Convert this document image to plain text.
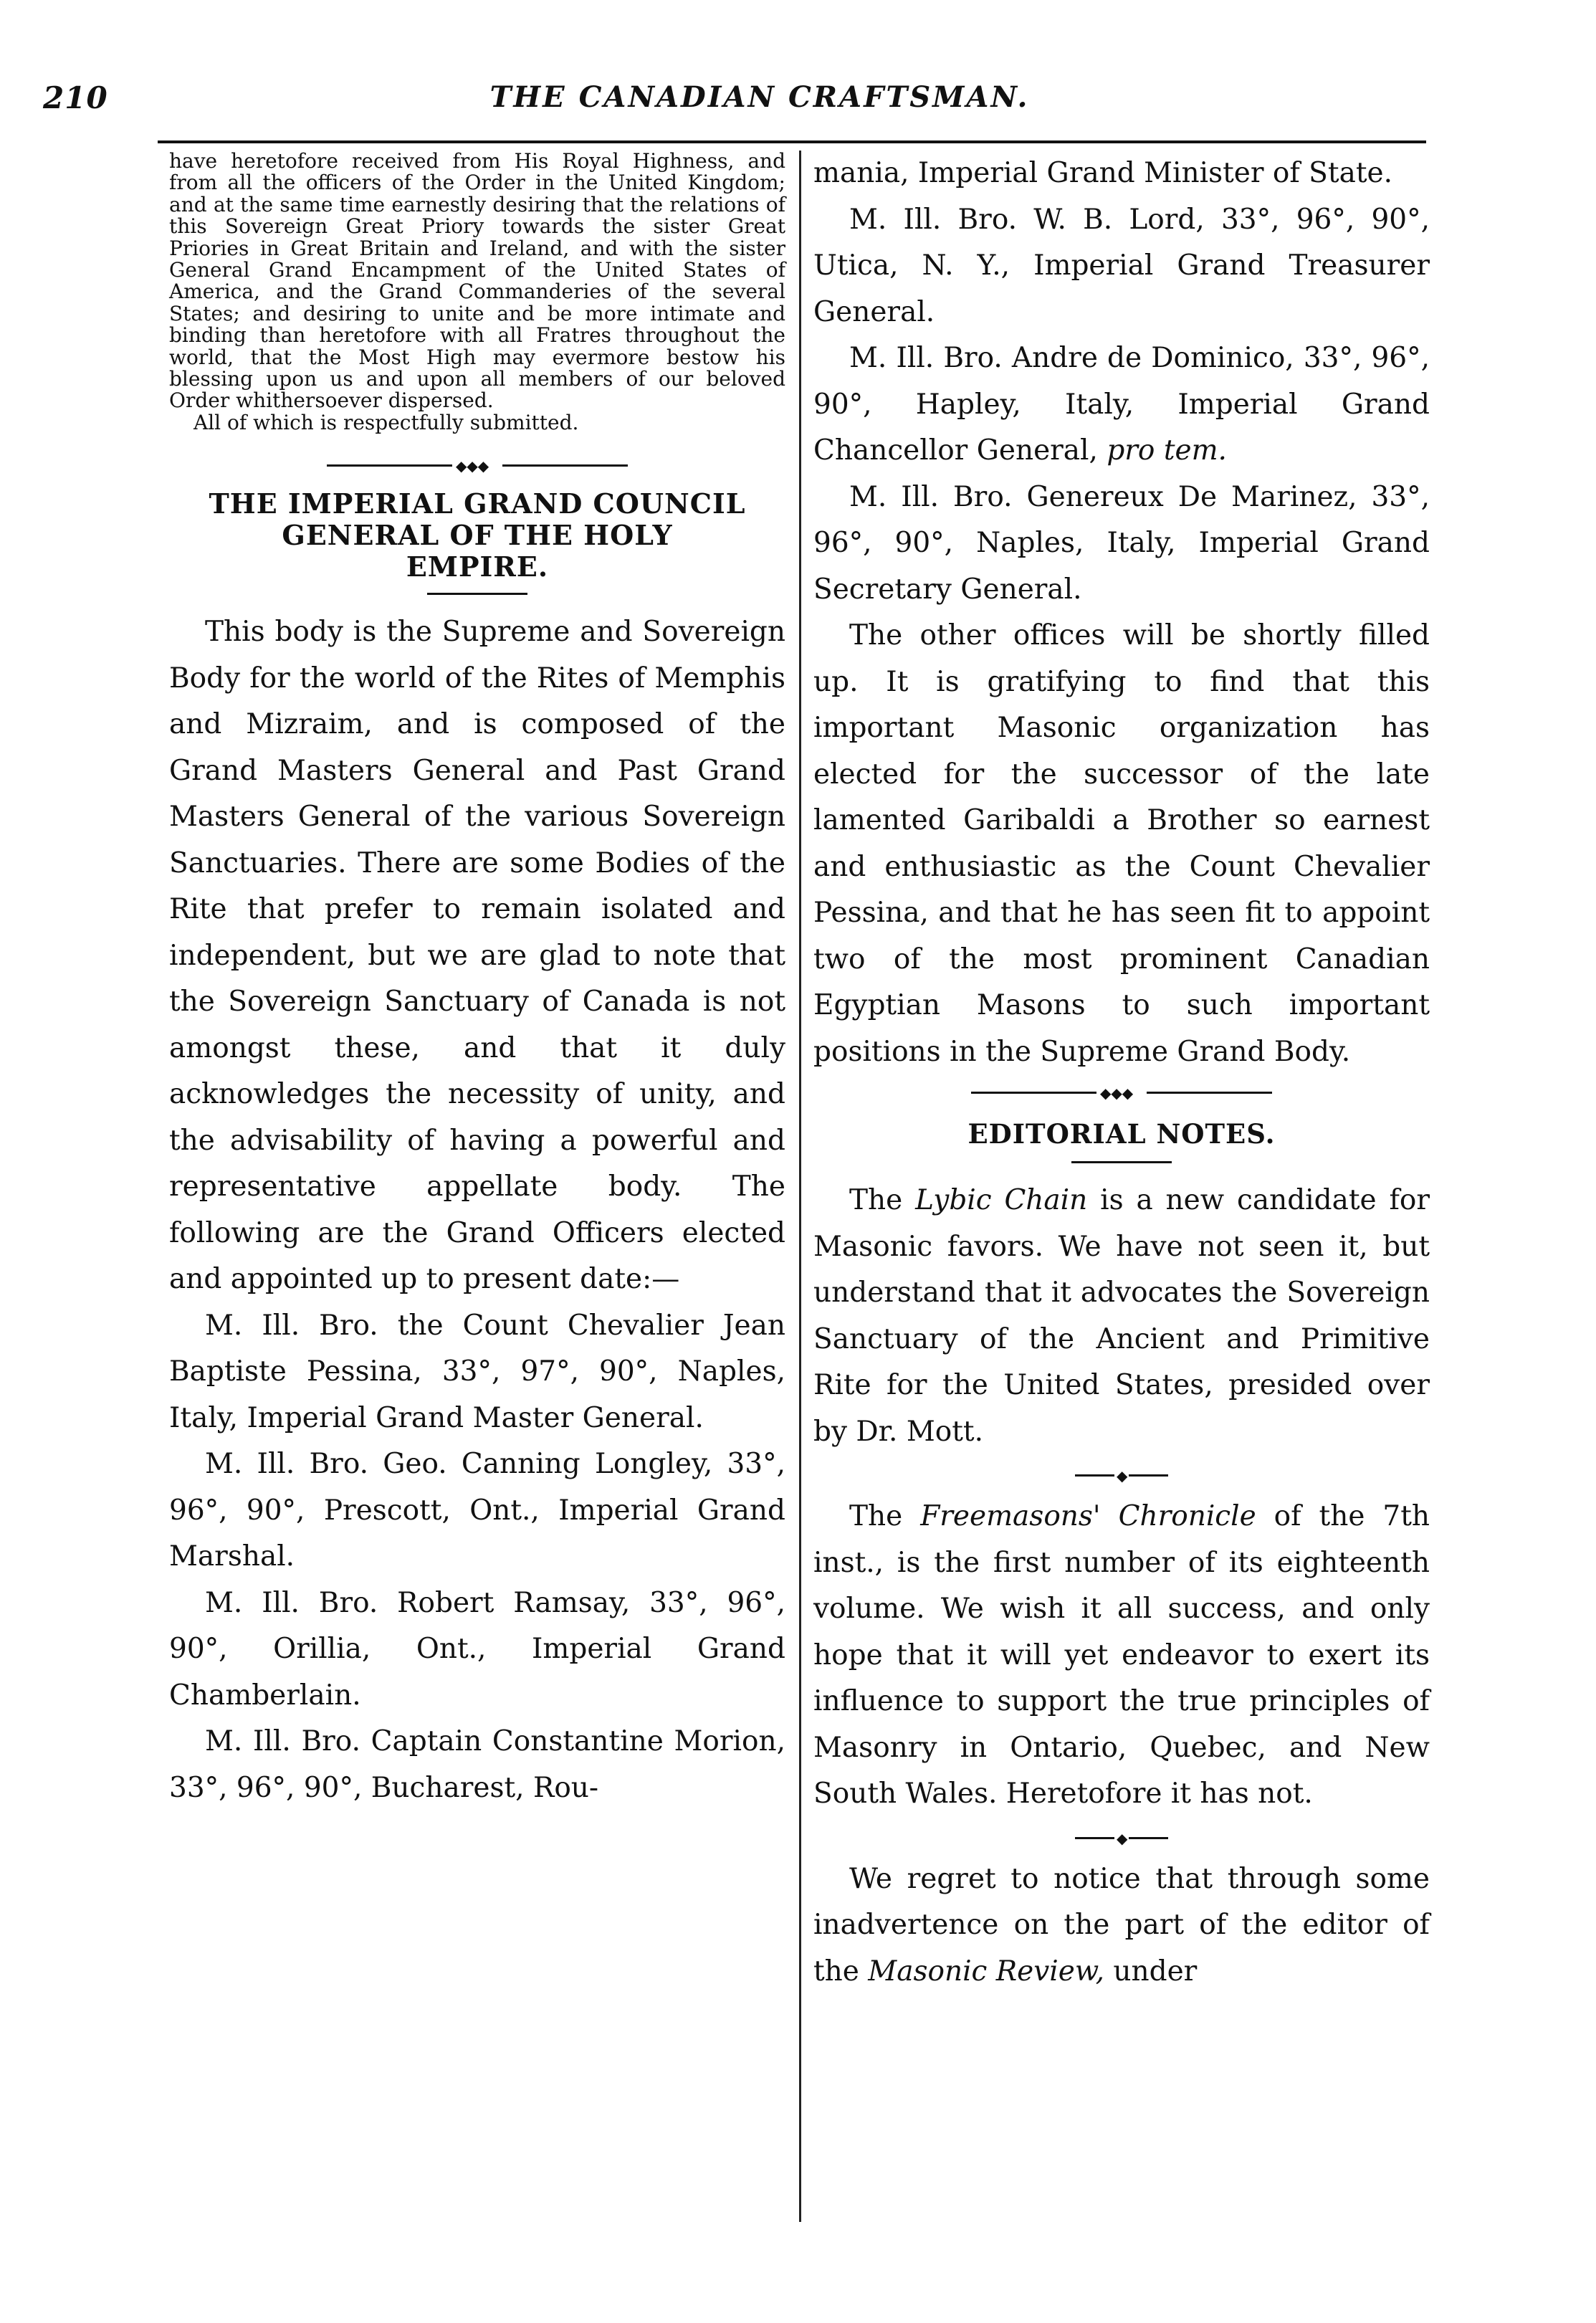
210	THE CANADIAN CRAFTSMAN.

have heretofore received from His Royal Highness, and from all the officers of the Order in the United Kingdom; and at the same time earnestly desiring that the relations of this Sovereign Great Priory towards the sister Great Priories in Great Britain and Ireland, and with the sister General Grand Encampment of the United States of America, and the Grand Commanderies of the several States; and desiring to unite and be more intimate and binding than heretofore with all Fratres throughout the world, that the Most High may evermore bestow his blessing upon us and upon all members of our beloved Order whithersoever dispersed.

All of which is respectfully submitted.

◆◆◆
THE IMPERIAL GRAND COUNCIL
GENERAL OF THE HOLY
EMPIRE.

This body is the Supreme and Sovereign Body for the world of the Rites of Memphis and Mizraim, and is composed of the Grand Masters General and Past Grand Masters General of the various Sovereign Sanctuaries. There are some Bodies of the Rite that prefer to remain isolated and independent, but we are glad to note that the Sovereign Sanctuary of Canada is not amongst these, and that it duly acknowledges the necessity of unity, and the advisability of having a powerful and representative appellate body. The following are the Grand Officers elected and appointed up to present date:—

M. Ill. Bro. the Count Chevalier Jean Baptiste Pessina, 33°, 97°, 90°, Naples, Italy, Imperial Grand Master General.

M. Ill. Bro. Geo. Canning Longley, 33°, 96°, 90°, Prescott, Ont., Imperial Grand Marshal.

M. Ill. Bro. Robert Ramsay, 33°, 96°, 90°, Orillia, Ont., Imperial Grand Chamberlain.

M. Ill. Bro. Captain Constantine Morion, 33°, 96°, 90°, Bucharest, Rou-

mania, Imperial Grand Minister of State.

M. Ill. Bro. W. B. Lord, 33°, 96°, 90°, Utica, N. Y., Imperial Grand Treasurer General.

M. Ill. Bro. Andre de Dominico, 33°, 96°, 90°, Hapley, Italy, Imperial Grand Chancellor General, pro tem.

M. Ill. Bro. Genereux De Marinez, 33°, 96°, 90°, Naples, Italy, Imperial Grand Secretary General.

The other offices will be shortly filled up. It is gratifying to find that this important Masonic organization has elected for the successor of the late lamented Garibaldi a Brother so earnest and enthusiastic as the Count Chevalier Pessina, and that he has seen fit to appoint two of the most prominent Canadian Egyptian Masons to such important positions in the Supreme Grand Body.

◆◆◆
EDITORIAL NOTES.

The Lybic Chain is a new candidate for Masonic favors. We have not seen it, but understand that it advocates the Sovereign Sanctuary of the Ancient and Primitive Rite for the United States, presided over by Dr. Mott.

◆

The Freemasons' Chronicle of the 7th inst., is the first number of its eighteenth volume. We wish it all success, and only hope that it will yet endeavor to exert its influence to support the true principles of Masonry in Ontario, Quebec, and New South Wales. Heretofore it has not.

◆

We regret to notice that through some inadvertence on the part of the editor of the Masonic Review, under
